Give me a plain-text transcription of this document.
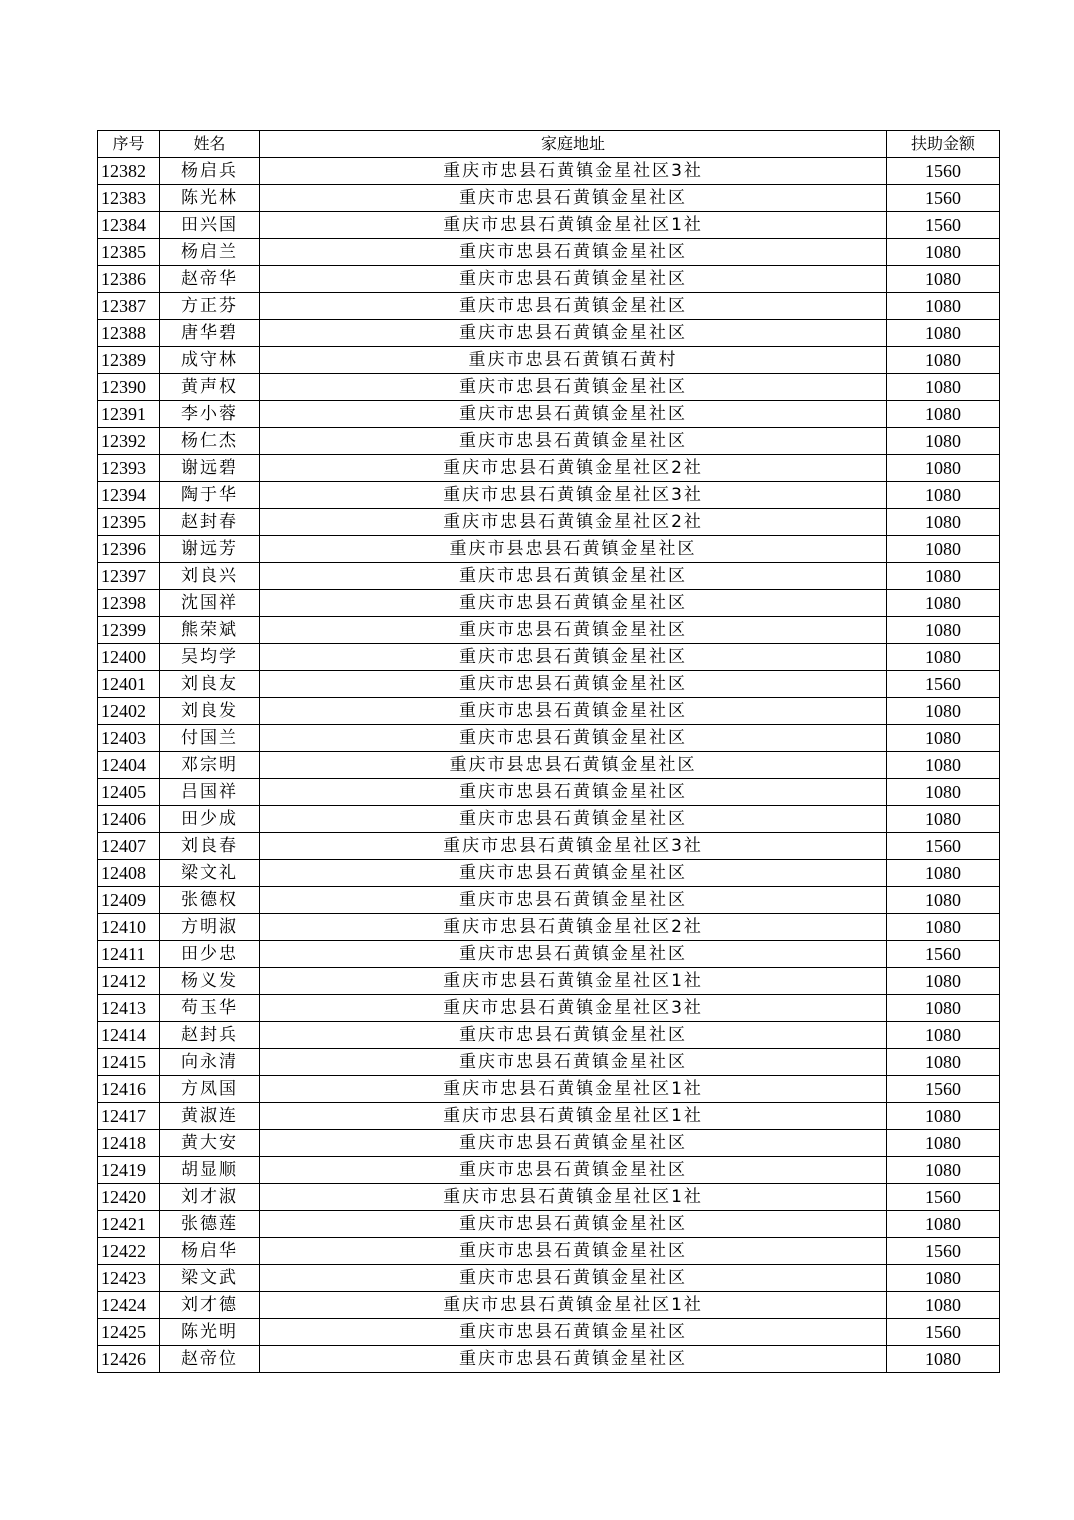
序号	姓名	家庭地址	扶助金额
12382	杨启兵	重庆市忠县石黄镇金星社区3社	1560
12383	陈光林	重庆市忠县石黄镇金星社区	1560
12384	田兴国	重庆市忠县石黄镇金星社区1社	1560
12385	杨启兰	重庆市忠县石黄镇金星社区	1080
12386	赵帝华	重庆市忠县石黄镇金星社区	1080
12387	方正芬	重庆市忠县石黄镇金星社区	1080
12388	唐华碧	重庆市忠县石黄镇金星社区	1080
12389	成守林	重庆市忠县石黄镇石黄村	1080
12390	黄声权	重庆市忠县石黄镇金星社区	1080
12391	李小蓉	重庆市忠县石黄镇金星社区	1080
12392	杨仁杰	重庆市忠县石黄镇金星社区	1080
12393	谢远碧	重庆市忠县石黄镇金星社区2社	1080
12394	陶于华	重庆市忠县石黄镇金星社区3社	1080
12395	赵封春	重庆市忠县石黄镇金星社区2社	1080
12396	谢远芳	重庆市县忠县石黄镇金星社区	1080
12397	刘良兴	重庆市忠县石黄镇金星社区	1080
12398	沈国祥	重庆市忠县石黄镇金星社区	1080
12399	熊荣斌	重庆市忠县石黄镇金星社区	1080
12400	吴均学	重庆市忠县石黄镇金星社区	1080
12401	刘良友	重庆市忠县石黄镇金星社区	1560
12402	刘良发	重庆市忠县石黄镇金星社区	1080
12403	付国兰	重庆市忠县石黄镇金星社区	1080
12404	邓宗明	重庆市县忠县石黄镇金星社区	1080
12405	吕国祥	重庆市忠县石黄镇金星社区	1080
12406	田少成	重庆市忠县石黄镇金星社区	1080
12407	刘良春	重庆市忠县石黄镇金星社区3社	1560
12408	梁文礼	重庆市忠县石黄镇金星社区	1080
12409	张德权	重庆市忠县石黄镇金星社区	1080
12410	方明淑	重庆市忠县石黄镇金星社区2社	1080
12411	田少忠	重庆市忠县石黄镇金星社区	1560
12412	杨义发	重庆市忠县石黄镇金星社区1社	1080
12413	苟玉华	重庆市忠县石黄镇金星社区3社	1080
12414	赵封兵	重庆市忠县石黄镇金星社区	1080
12415	向永清	重庆市忠县石黄镇金星社区	1080
12416	方凤国	重庆市忠县石黄镇金星社区1社	1560
12417	黄淑连	重庆市忠县石黄镇金星社区1社	1080
12418	黄大安	重庆市忠县石黄镇金星社区	1080
12419	胡显顺	重庆市忠县石黄镇金星社区	1080
12420	刘才淑	重庆市忠县石黄镇金星社区1社	1560
12421	张德莲	重庆市忠县石黄镇金星社区	1080
12422	杨启华	重庆市忠县石黄镇金星社区	1560
12423	梁文武	重庆市忠县石黄镇金星社区	1080
12424	刘才德	重庆市忠县石黄镇金星社区1社	1080
12425	陈光明	重庆市忠县石黄镇金星社区	1560
12426	赵帝位	重庆市忠县石黄镇金星社区	1080
